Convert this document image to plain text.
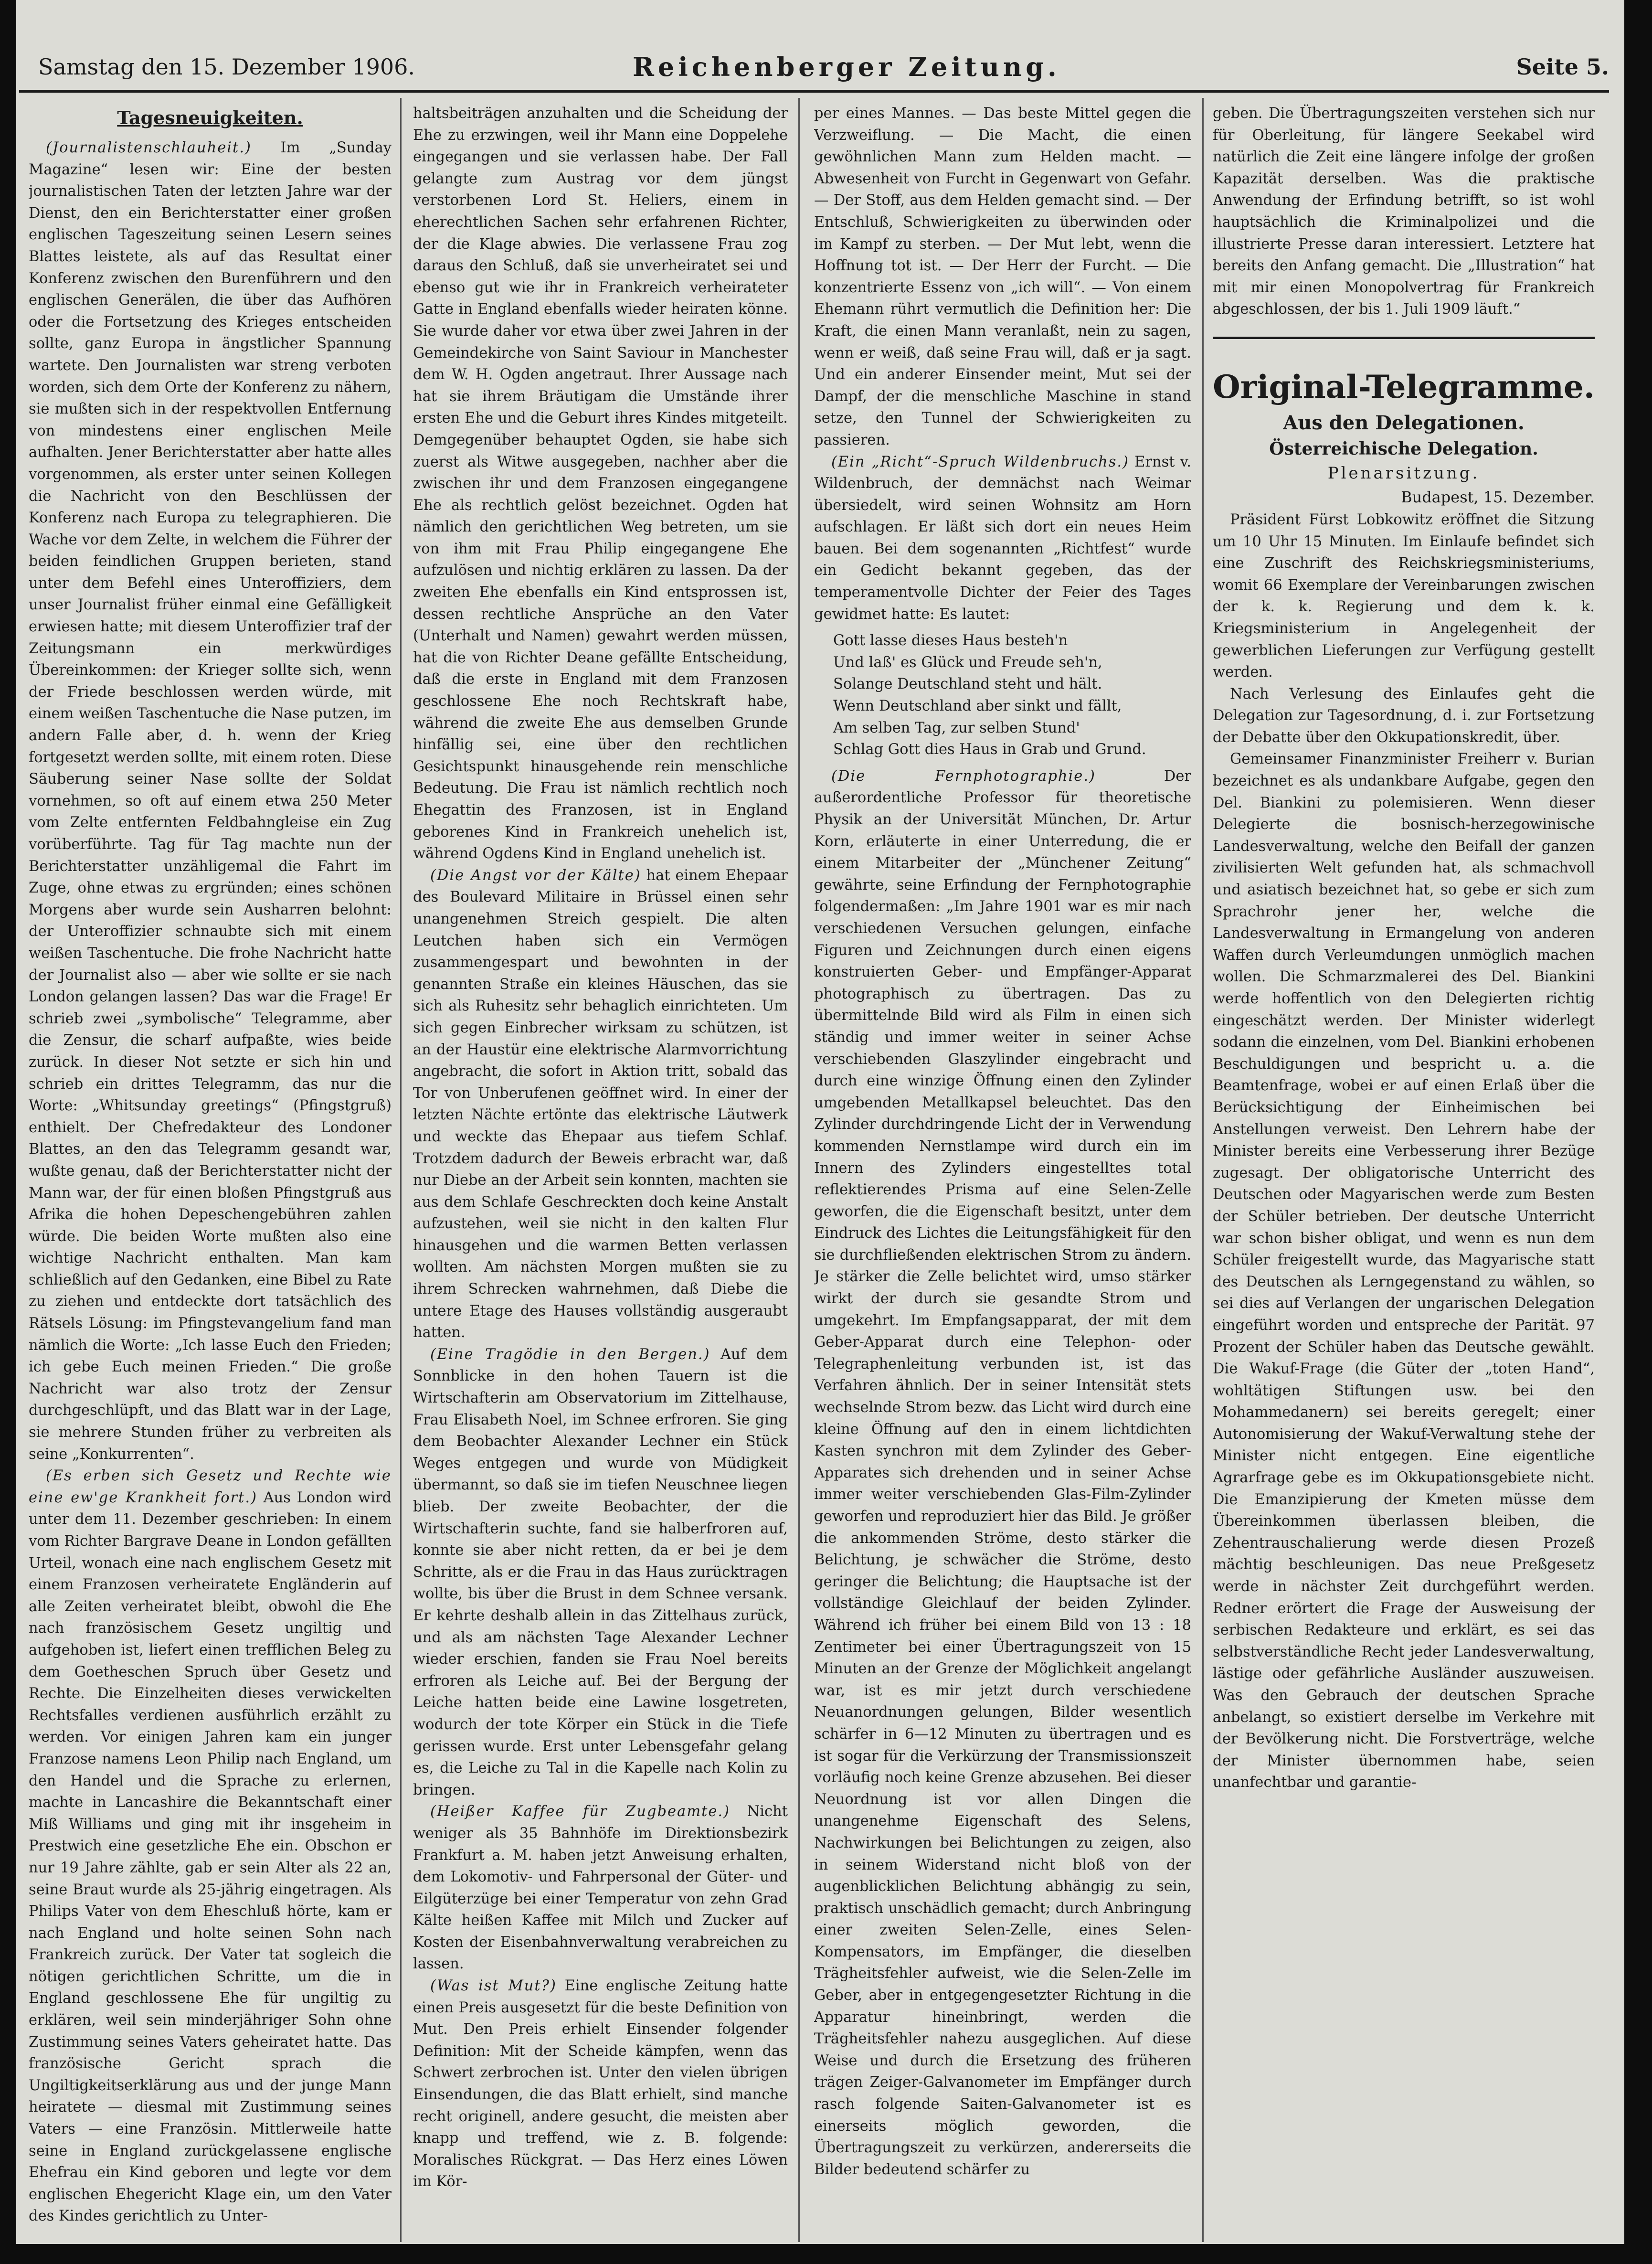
Samstag den 15. Dezember 1906.	Reichenberger Zeitung.	Seite 5.
Tagesneuigkeiten.

(Journalistenschlauheit.) Im „Sunday Magazine“ lesen wir: Eine der besten journalistischen Taten der letzten Jahre war der Dienst, den ein Berichterstatter einer großen englischen Tageszeitung seinen Lesern seines Blattes leistete, als auf das Resultat einer Konferenz zwischen den Burenführern und den englischen Generälen, die über das Aufhören oder die Fortsetzung des Krieges entscheiden sollte, ganz Europa in ängstlicher Spannung wartete. Den Journalisten war streng verboten worden, sich dem Orte der Konferenz zu nähern, sie mußten sich in der respektvollen Entfernung von mindestens einer englischen Meile aufhalten. Jener Berichterstatter aber hatte alles vorgenommen, als erster unter seinen Kollegen die Nachricht von den Beschlüssen der Konferenz nach Europa zu telegraphieren. Die Wache vor dem Zelte, in welchem die Führer der beiden feindlichen Gruppen berieten, stand unter dem Befehl eines Unteroffiziers, dem unser Journalist früher einmal eine Gefälligkeit erwiesen hatte; mit diesem Unteroffizier traf der Zeitungsmann ein merkwürdiges Übereinkommen: der Krieger sollte sich, wenn der Friede beschlossen werden würde, mit einem weißen Taschentuche die Nase putzen, im andern Falle aber, d. h. wenn der Krieg fortgesetzt werden sollte, mit einem roten. Diese Säuberung seiner Nase sollte der Soldat vornehmen, so oft auf einem etwa 250 Meter vom Zelte entfernten Feldbahngleise ein Zug vorüberführte. Tag für Tag machte nun der Berichterstatter unzähligemal die Fahrt im Zuge, ohne etwas zu ergründen; eines schönen Morgens aber wurde sein Ausharren belohnt: der Unteroffizier schnaubte sich mit einem weißen Taschentuche. Die frohe Nachricht hatte der Journalist also — aber wie sollte er sie nach London gelangen lassen? Das war die Frage! Er schrieb zwei „symbolische“ Telegramme, aber die Zensur, die scharf aufpaßte, wies beide zurück. In dieser Not setzte er sich hin und schrieb ein drittes Telegramm, das nur die Worte: „Whitsunday greetings“ (Pfingstgruß) enthielt. Der Chefredakteur des Londoner Blattes, an den das Telegramm gesandt war, wußte genau, daß der Berichterstatter nicht der Mann war, der für einen bloßen Pfingstgruß aus Afrika die hohen Depeschengebühren zahlen würde. Die beiden Worte mußten also eine wichtige Nachricht enthalten. Man kam schließlich auf den Gedanken, eine Bibel zu Rate zu ziehen und entdeckte dort tatsächlich des Rätsels Lösung: im Pfingstevangelium fand man nämlich die Worte: „Ich lasse Euch den Frieden; ich gebe Euch meinen Frieden.“ Die große Nachricht war also trotz der Zensur durchgeschlüpft, und das Blatt war in der Lage, sie mehrere Stunden früher zu verbreiten als seine „Konkurrenten“.

(Es erben sich Gesetz und Rechte wie eine ew'ge Krankheit fort.) Aus London wird unter dem 11. Dezember geschrieben: In einem vom Richter Bargrave Deane in London gefällten Urteil, wonach eine nach englischem Gesetz mit einem Franzosen verheiratete Engländerin auf alle Zeiten verheiratet bleibt, obwohl die Ehe nach französischem Gesetz ungiltig und aufgehoben ist, liefert einen trefflichen Beleg zu dem Goetheschen Spruch über Gesetz und Rechte. Die Einzelheiten dieses verwickelten Rechtsfalles verdienen ausführlich erzählt zu werden. Vor einigen Jahren kam ein junger Franzose namens Leon Philip nach England, um den Handel und die Sprache zu erlernen, machte in Lancashire die Bekanntschaft einer Miß Williams und ging mit ihr insgeheim in Prestwich eine gesetzliche Ehe ein. Obschon er nur 19 Jahre zählte, gab er sein Alter als 22 an, seine Braut wurde als 25-jährig eingetragen. Als Philips Vater von dem Eheschluß hörte, kam er nach England und holte seinen Sohn nach Frankreich zurück. Der Vater tat sogleich die nötigen gerichtlichen Schritte, um die in England geschlossene Ehe für ungiltig zu erklären, weil sein minderjähriger Sohn ohne Zustimmung seines Vaters geheiratet hatte. Das französische Gericht sprach die Ungiltigkeitserklärung aus und der junge Mann heiratete — diesmal mit Zustimmung seines Vaters — eine Französin. Mittlerweile hatte seine in England zurückgelassene englische Ehefrau ein Kind geboren und legte vor dem englischen Ehegericht Klage ein, um den Vater des Kindes gerichtlich zu Unter-

haltsbeiträgen anzuhalten und die Scheidung der Ehe zu erzwingen, weil ihr Mann eine Doppelehe eingegangen und sie verlassen habe. Der Fall gelangte zum Austrag vor dem jüngst verstorbenen Lord St. Heliers, einem in eherechtlichen Sachen sehr erfahrenen Richter, der die Klage abwies. Die verlassene Frau zog daraus den Schluß, daß sie unverheiratet sei und ebenso gut wie ihr in Frankreich verheirateter Gatte in England ebenfalls wieder heiraten könne. Sie wurde daher vor etwa über zwei Jahren in der Gemeindekirche von Saint Saviour in Manchester dem W. H. Ogden angetraut. Ihrer Aussage nach hat sie ihrem Bräutigam die Umstände ihrer ersten Ehe und die Geburt ihres Kindes mitgeteilt. Demgegenüber behauptet Ogden, sie habe sich zuerst als Witwe ausgegeben, nachher aber die zwischen ihr und dem Franzosen eingegangene Ehe als rechtlich gelöst bezeichnet. Ogden hat nämlich den gerichtlichen Weg betreten, um sie von ihm mit Frau Philip eingegangene Ehe aufzulösen und nichtig erklären zu lassen. Da der zweiten Ehe ebenfalls ein Kind entsprossen ist, dessen rechtliche Ansprüche an den Vater (Unterhalt und Namen) gewahrt werden müssen, hat die von Richter Deane gefällte Entscheidung, daß die erste in England mit dem Franzosen geschlossene Ehe noch Rechtskraft habe, während die zweite Ehe aus demselben Grunde hinfällig sei, eine über den rechtlichen Gesichtspunkt hinausgehende rein menschliche Bedeutung. Die Frau ist nämlich rechtlich noch Ehegattin des Franzosen, ist in England geborenes Kind in Frankreich unehelich ist, während Ogdens Kind in England unehelich ist.

(Die Angst vor der Kälte) hat einem Ehepaar des Boulevard Militaire in Brüssel einen sehr unangenehmen Streich gespielt. Die alten Leutchen haben sich ein Vermögen zusammengespart und bewohnten in der genannten Straße ein kleines Häuschen, das sie sich als Ruhesitz sehr behaglich einrichteten. Um sich gegen Einbrecher wirksam zu schützen, ist an der Haustür eine elektrische Alarmvorrichtung angebracht, die sofort in Aktion tritt, sobald das Tor von Unberufenen geöffnet wird. In einer der letzten Nächte ertönte das elektrische Läutwerk und weckte das Ehepaar aus tiefem Schlaf. Trotzdem dadurch der Beweis erbracht war, daß nur Diebe an der Arbeit sein konnten, machten sie aus dem Schlafe Geschreckten doch keine Anstalt aufzustehen, weil sie nicht in den kalten Flur hinausgehen und die warmen Betten verlassen wollten. Am nächsten Morgen mußten sie zu ihrem Schrecken wahrnehmen, daß Diebe die untere Etage des Hauses vollständig ausgeraubt hatten.

(Eine Tragödie in den Bergen.) Auf dem Sonnblicke in den hohen Tauern ist die Wirtschafterin am Observatorium im Zittelhause, Frau Elisabeth Noel, im Schnee erfroren. Sie ging dem Beobachter Alexander Lechner ein Stück Weges entgegen und wurde von Müdigkeit übermannt, so daß sie im tiefen Neuschnee liegen blieb. Der zweite Beobachter, der die Wirtschafterin suchte, fand sie halberfroren auf, konnte sie aber nicht retten, da er bei je dem Schritte, als er die Frau in das Haus zurücktragen wollte, bis über die Brust in dem Schnee versank. Er kehrte deshalb allein in das Zittelhaus zurück, und als am nächsten Tage Alexander Lechner wieder erschien, fanden sie Frau Noel bereits erfroren als Leiche auf. Bei der Bergung der Leiche hatten beide eine Lawine losgetreten, wodurch der tote Körper ein Stück in die Tiefe gerissen wurde. Erst unter Lebensgefahr gelang es, die Leiche zu Tal in die Kapelle nach Kolin zu bringen.

(Heißer Kaffee für Zugbeamte.) Nicht weniger als 35 Bahnhöfe im Direktionsbezirk Frankfurt a. M. haben jetzt Anweisung erhalten, dem Lokomotiv- und Fahrpersonal der Güter- und Eilgüterzüge bei einer Temperatur von zehn Grad Kälte heißen Kaffee mit Milch und Zucker auf Kosten der Eisenbahnverwaltung verabreichen zu lassen.

(Was ist Mut?) Eine englische Zeitung hatte einen Preis ausgesetzt für die beste Definition von Mut. Den Preis erhielt Einsender folgender Definition: Mit der Scheide kämpfen, wenn das Schwert zerbrochen ist. Unter den vielen übrigen Einsendungen, die das Blatt erhielt, sind manche recht originell, andere gesucht, die meisten aber knapp und treffend, wie z. B. folgende: Moralisches Rückgrat. — Das Herz eines Löwen im Kör-

per eines Mannes. — Das beste Mittel gegen die Verzweiflung. — Die Macht, die einen gewöhnlichen Mann zum Helden macht. — Abwesenheit von Furcht in Gegenwart von Gefahr. — Der Stoff, aus dem Helden gemacht sind. — Der Entschluß, Schwierigkeiten zu überwinden oder im Kampf zu sterben. — Der Mut lebt, wenn die Hoffnung tot ist. — Der Herr der Furcht. — Die konzentrierte Essenz von „ich will“. — Von einem Ehemann rührt vermutlich die Definition her: Die Kraft, die einen Mann veranlaßt, nein zu sagen, wenn er weiß, daß seine Frau will, daß er ja sagt. Und ein anderer Einsender meint, Mut sei der Dampf, der die menschliche Maschine in stand setze, den Tunnel der Schwierigkeiten zu passieren.

(Ein „Richt“-Spruch Wildenbruchs.) Ernst v. Wildenbruch, der demnächst nach Weimar übersiedelt, wird seinen Wohnsitz am Horn aufschlagen. Er läßt sich dort ein neues Heim bauen. Bei dem sogenannten „Richtfest“ wurde ein Gedicht bekannt gegeben, das der temperamentvolle Dichter der Feier des Tages gewidmet hatte: Es lautet:

Gott lasse dieses Haus besteh'n
Und laß' es Glück und Freude seh'n,
Solange Deutschland steht und hält.
Wenn Deutschland aber sinkt und fällt,
Am selben Tag, zur selben Stund'
Schlag Gott dies Haus in Grab und Grund.

(Die Fernphotographie.) Der außerordentliche Professor für theoretische Physik an der Universität München, Dr. Artur Korn, erläuterte in einer Unterredung, die er einem Mitarbeiter der „Münchener Zeitung“ gewährte, seine Erfindung der Fernphotographie folgendermaßen: „Im Jahre 1901 war es mir nach verschiedenen Versuchen gelungen, einfache Figuren und Zeichnungen durch einen eigens konstruierten Geber- und Empfänger-Apparat photographisch zu übertragen. Das zu übermittelnde Bild wird als Film in einen sich ständig und immer weiter in seiner Achse verschiebenden Glaszylinder eingebracht und durch eine winzige Öffnung einen den Zylinder umgebenden Metallkapsel beleuchtet. Das den Zylinder durchdringende Licht der in Verwendung kommenden Nernstlampe wird durch ein im Innern des Zylinders eingestelltes total reflektierendes Prisma auf eine Selen-Zelle geworfen, die die Eigenschaft besitzt, unter dem Eindruck des Lichtes die Leitungsfähigkeit für den sie durchfließenden elektrischen Strom zu ändern. Je stärker die Zelle belichtet wird, umso stärker wirkt der durch sie gesandte Strom und umgekehrt. Im Empfangsapparat, der mit dem Geber-Apparat durch eine Telephon- oder Telegraphenleitung verbunden ist, ist das Verfahren ähnlich. Der in seiner Intensität stets wechselnde Strom bezw. das Licht wird durch eine kleine Öffnung auf den in einem lichtdichten Kasten synchron mit dem Zylinder des Geber-Apparates sich drehenden und in seiner Achse immer weiter verschiebenden Glas-Film-Zylinder geworfen und reproduziert hier das Bild. Je größer die ankommenden Ströme, desto stärker die Belichtung, je schwächer die Ströme, desto geringer die Belichtung; die Hauptsache ist der vollständige Gleichlauf der beiden Zylinder. Während ich früher bei einem Bild von 13 : 18 Zentimeter bei einer Übertragungszeit von 15 Minuten an der Grenze der Möglichkeit angelangt war, ist es mir jetzt durch verschiedene Neuanordnungen gelungen, Bilder wesentlich schärfer in 6—12 Minuten zu übertragen und es ist sogar für die Verkürzung der Transmissionszeit vorläufig noch keine Grenze abzusehen. Bei dieser Neuordnung ist vor allen Dingen die unangenehme Eigenschaft des Selens, Nachwirkungen bei Belichtungen zu zeigen, also in seinem Widerstand nicht bloß von der augenblicklichen Belichtung abhängig zu sein, praktisch unschädlich gemacht; durch Anbringung einer zweiten Selen-Zelle, eines Selen-Kompensators, im Empfänger, die dieselben Trägheitsfehler aufweist, wie die Selen-Zelle im Geber, aber in entgegengesetzter Richtung in die Apparatur hineinbringt, werden die Trägheitsfehler nahezu ausgeglichen. Auf diese Weise und durch die Ersetzung des früheren trägen Zeiger-Galvanometer im Empfänger durch rasch folgende Saiten-Galvanometer ist es einerseits möglich geworden, die Übertragungszeit zu verkürzen, andererseits die Bilder bedeutend schärfer zu

geben. Die Übertragungszeiten verstehen sich nur für Oberleitung, für längere Seekabel wird natürlich die Zeit eine längere infolge der großen Kapazität derselben. Was die praktische Anwendung der Erfindung betrifft, so ist wohl hauptsächlich die Kriminalpolizei und die illustrierte Presse daran interessiert. Letztere hat bereits den Anfang gemacht. Die „Illustration“ hat mit mir einen Monopolvertrag für Frankreich abgeschlossen, der bis 1. Juli 1909 läuft.“

Original-Telegramme.
Aus den Delegationen.
Österreichische Delegation.
Plenarsitzung.
Budapest, 15. Dezember.

Präsident Fürst Lobkowitz eröffnet die Sitzung um 10 Uhr 15 Minuten. Im Einlaufe befindet sich eine Zuschrift des Reichskriegsministeriums, womit 66 Exemplare der Vereinbarungen zwischen der k. k. Regierung und dem k. k. Kriegsministerium in Angelegenheit der gewerblichen Lieferungen zur Verfügung gestellt werden.

Nach Verlesung des Einlaufes geht die Delegation zur Tagesordnung, d. i. zur Fortsetzung der Debatte über den Okkupationskredit, über.

Gemeinsamer Finanzminister Freiherr v. Burian bezeichnet es als undankbare Aufgabe, gegen den Del. Biankini zu polemisieren. Wenn dieser Delegierte die bosnisch-herzegowinische Landesverwaltung, welche den Beifall der ganzen zivilisierten Welt gefunden hat, als schmachvoll und asiatisch bezeichnet hat, so gebe er sich zum Sprachrohr jener her, welche die Landesverwaltung in Ermangelung von anderen Waffen durch Verleumdungen unmöglich machen wollen. Die Schmarzmalerei des Del. Biankini werde hoffentlich von den Delegierten richtig eingeschätzt werden. Der Minister widerlegt sodann die einzelnen, vom Del. Biankini erhobenen Beschuldigungen und bespricht u. a. die Beamtenfrage, wobei er auf einen Erlaß über die Berücksichtigung der Einheimischen bei Anstellungen verweist. Den Lehrern habe der Minister bereits eine Verbesserung ihrer Bezüge zugesagt. Der obligatorische Unterricht des Deutschen oder Magyarischen werde zum Besten der Schüler betrieben. Der deutsche Unterricht war schon bisher obligat, und wenn es nun dem Schüler freigestellt wurde, das Magyarische statt des Deutschen als Lerngegenstand zu wählen, so sei dies auf Verlangen der ungarischen Delegation eingeführt worden und entspreche der Parität. 97 Prozent der Schüler haben das Deutsche gewählt. Die Wakuf-Frage (die Güter der „toten Hand“, wohltätigen Stiftungen usw. bei den Mohammedanern) sei bereits geregelt; einer Autonomisierung der Wakuf-Verwaltung stehe der Minister nicht entgegen. Eine eigentliche Agrarfrage gebe es im Okkupationsgebiete nicht. Die Emanzipierung der Kmeten müsse dem Übereinkommen überlassen bleiben, die Zehentrauschalierung werde diesen Prozeß mächtig beschleunigen. Das neue Preßgesetz werde in nächster Zeit durchgeführt werden. Redner erörtert die Frage der Ausweisung der serbischen Redakteure und erklärt, es sei das selbstverständliche Recht jeder Landesverwaltung, lästige oder gefährliche Ausländer auszuweisen. Was den Gebrauch der deutschen Sprache anbelangt, so existiert derselbe im Verkehre mit der Bevölkerung nicht. Die Forstverträge, welche der Minister übernommen habe, seien unanfechtbar und garantie-
